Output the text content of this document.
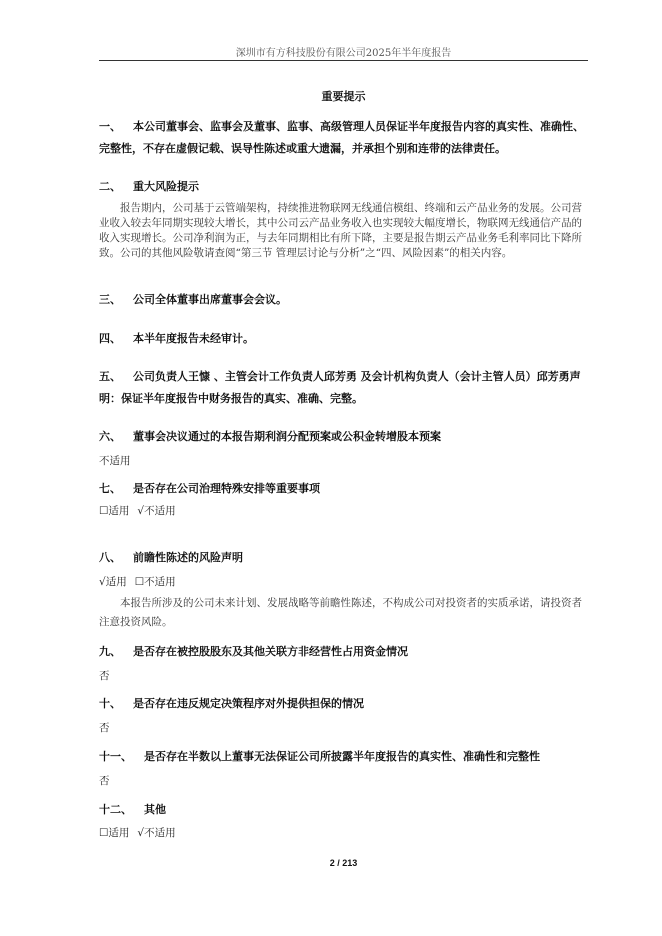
深圳市有方科技股份有限公司2025年半年度报告
重要提示
一、 本公司董事会、监事会及董事、监事、高级管理人员保证半年度报告内容的真实性、准确性、完整性，不存在虚假记载、误导性陈述或重大遗漏，并承担个别和连带的法律责任。
二、 重大风险提示
报告期内，公司基于云管端架构，持续推进物联网无线通信模组、终端和云产品业务的发展。公司营业收入较去年同期实现较大增长，其中公司云产品业务收入也实现较大幅度增长，物联网无线通信产品的收入实现增长。公司净利润为正，与去年同期相比有所下降，主要是报告期云产品业务毛利率同比下降所致。公司的其他风险敬请查阅“第三节 管理层讨论与分析”之“四、风险因素”的相关内容。
三、 公司全体董事出席董事会会议。
四、 本半年度报告未经审计。
五、 公司负责人王慷 、主管会计工作负责人邱芳勇 及会计机构负责人（会计主管人员）邱芳勇声明：保证半年度报告中财务报告的真实、准确、完整。
六、 董事会决议通过的本报告期利润分配预案或公积金转增股本预案
不适用
七、 是否存在公司治理特殊安排等重要事项
☐适用 √不适用
八、 前瞻性陈述的风险声明
√适用 ☐不适用
本报告所涉及的公司未来计划、发展战略等前瞻性陈述，不构成公司对投资者的实质承诺，请投资者注意投资风险。
九、 是否存在被控股股东及其他关联方非经营性占用资金情况
否
十、 是否存在违反规定决策程序对外提供担保的情况
否
十一、 是否存在半数以上董事无法保证公司所披露半年度报告的真实性、准确性和完整性
否
十二、 其他
☐适用 √不适用
2 / 213
